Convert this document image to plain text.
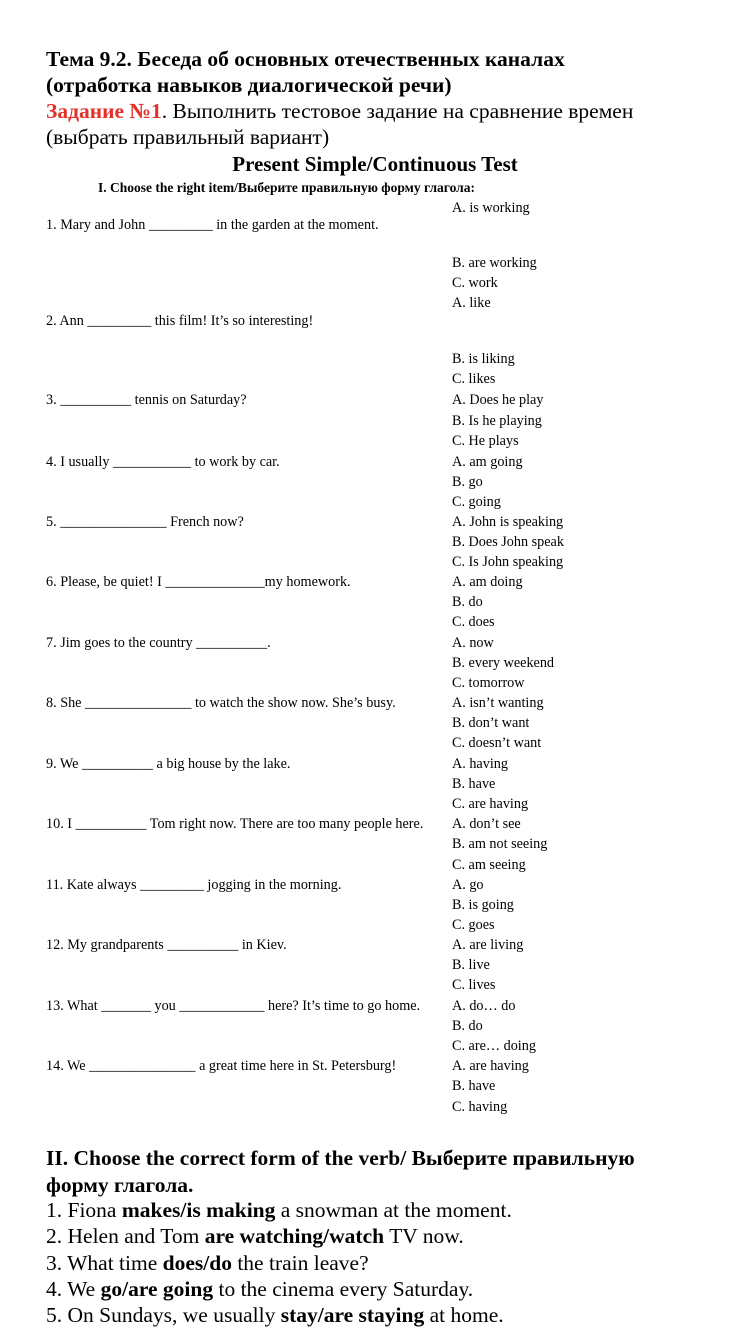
Тема 9.2. Беседа об основных отечественных каналах
(отработка навыков диалогической речи)
Задание №1. Выполнить тестовое задание на сравнение времен
(выбрать правильный вариант)
Present Simple/Continuous Test
I. Choose the right item/Выберите правильную форму глагола:
1. Mary and John _________ in the garden at the moment.
A. is working
B. are working
C. work
2. Ann _________ this film! It’s so interesting!
A. like
B. is liking
C. likes
3. __________ tennis on Saturday?	A. Does he play
B. Is he playing
C. He plays
4. I usually ___________ to work by car.	A. am going
B. go
C. going
5. _______________ French now?	A. John is speaking
B. Does John speak
C. Is John speaking
6. Please, be quiet! I ______________my homework.	A. am doing
B. do
C. does
7. Jim goes to the country __________.	A. now
B. every weekend
C. tomorrow
8. She _______________ to watch the show now. She’s busy.	A. isn’t wanting
B. don’t want
C. doesn’t want
9. We __________ a big house by the lake.	A. having
B. have
C. are having
10. I __________ Tom right now. There are too many people here. A. don’t see
B. am not seeing
C. am seeing
11. Kate always _________ jogging in the morning.	A. go
B. is going
C. goes
12. My grandparents __________ in Kiev.	A. are living
B. live
C. lives
13. What _______ you ____________ here? It’s time to go home. A. do… do
B. do
C. are… doing
14. We _______________ a great time here in St. Petersburg!	A. are having
B. have
C. having
II. Choose the correct form of the verb/ Выберите правильную
форму глагола.
1. Fiona makes/is making a snowman at the moment.
2. Helen and Tom are watching/watch TV now.
3. What time does/do the train leave?
4. We go/are going to the cinema every Saturday.
5. On Sundays, we usually stay/are staying at home.
